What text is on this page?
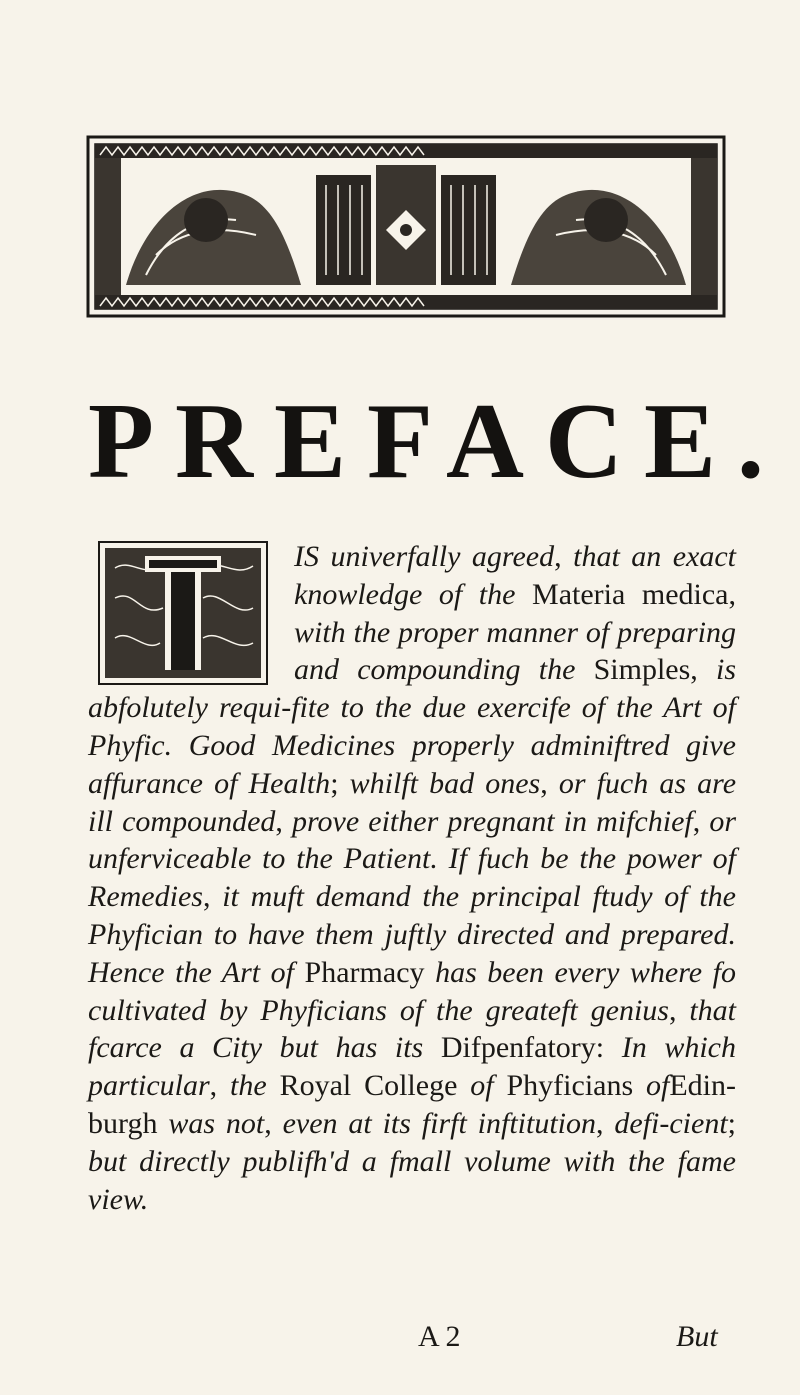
PREFACE.

IS univerfally agreed, that an exact knowledge of the Materia medica, with the proper manner of preparing and compounding the Simples, is abfolutely requi-fite to the due exercife of the Art of Phyfic. Good Medicines properly adminiftred give affurance of Health; whilft bad ones, or fuch as are ill compounded, prove either pregnant in mifchief, or unferviceable to the Patient. If fuch be the power of Remedies, it muft demand the principal ftudy of the Phyfician to have them juftly directed and prepared. Hence the Art of Pharmacy has been every where fo cultivated by Phyficians of the greateft genius, that fcarce a City but has its Difpenfatory: In which particular, the Royal College of Phyficians ofEdin-burgh was not, even at its firft inftitution, defi-cient; but directly publifh'd a fmall volume with the fame view.

A 2	But
